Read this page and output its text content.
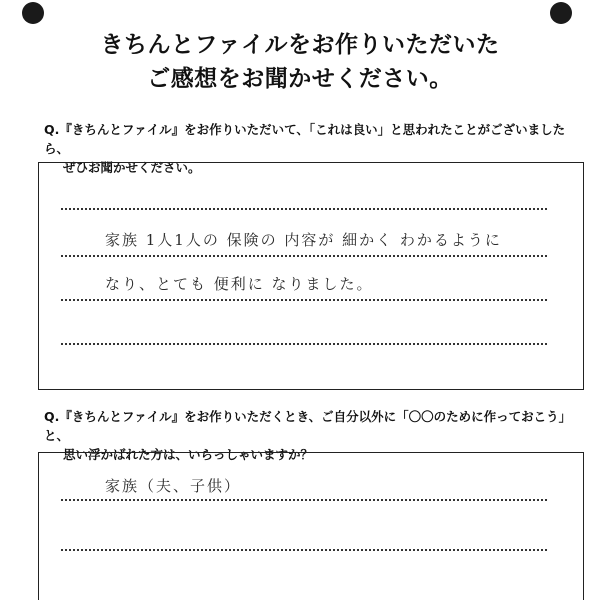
きちんとファイルをお作りいただいた
ご感想をお聞かせください。
Q.『きちんとファイル』をお作りいただいて、「これは良い」と思われたことがございましたら、
ぜひお聞かせください。
家族 1人1人の 保険の 内容が 細かく わかるように
なり、とても 便利に なりました。
Q.『きちんとファイル』をお作りいただくとき、ご自分以外に「〇〇のために作っておこう」と、
思い浮かばれた方は、いらっしゃいますか？
家族（夫、子供）
